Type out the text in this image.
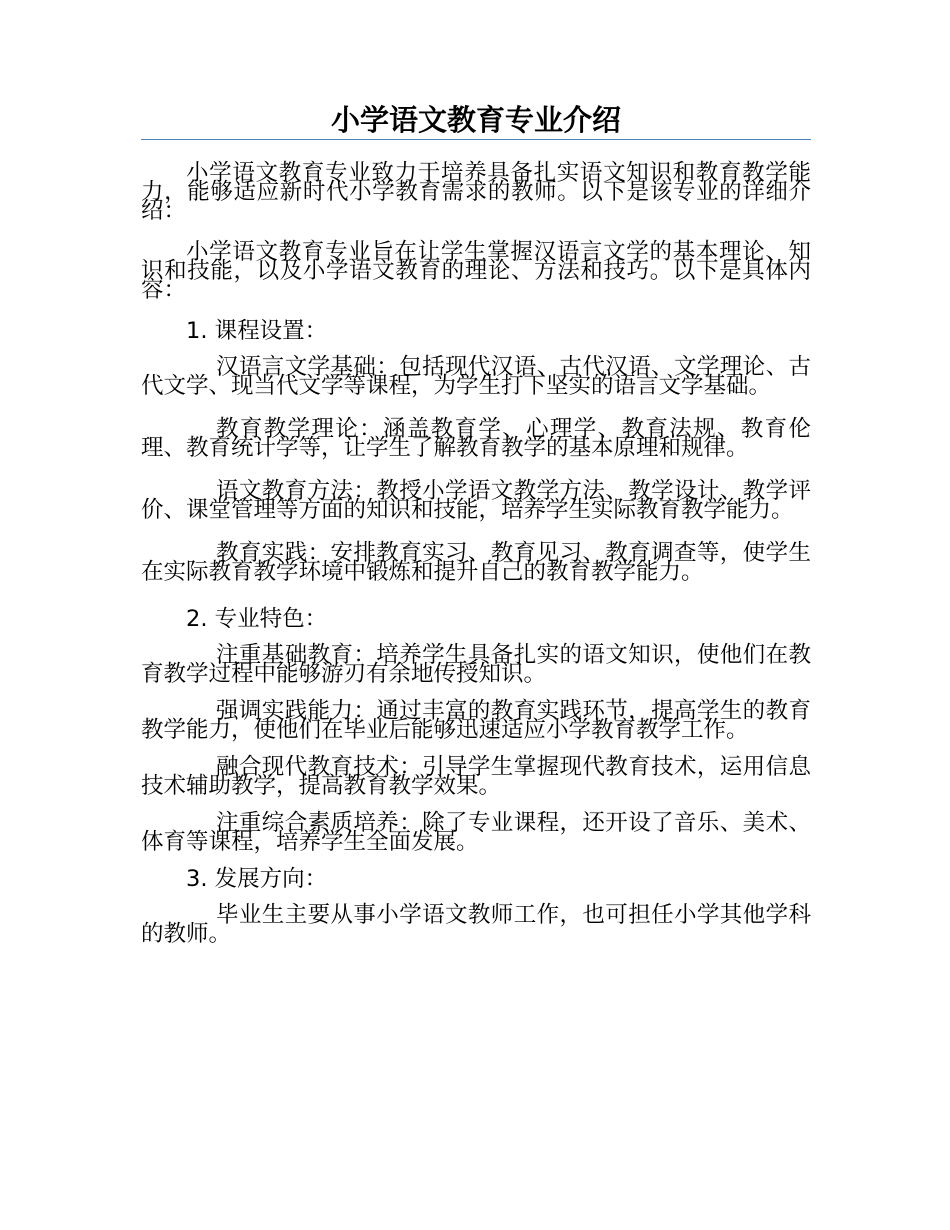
小学语文教育专业介绍

小学语文教育专业致力于培养具备扎实语文知识和教育教学能力，能够适应新时代小学教育需求的教师。以下是该专业的详细介绍：

小学语文教育专业旨在让学生掌握汉语言文学的基本理论、知识和技能，以及小学语文教育的理论、方法和技巧。以下是具体内容：

1. 课程设置：

汉语言文学基础：包括现代汉语、古代汉语、文学理论、古代文学、现当代文学等课程，为学生打下坚实的语言文学基础。

教育教学理论：涵盖教育学、心理学、教育法规、教育伦理、教育统计学等，让学生了解教育教学的基本原理和规律。

语文教育方法：教授小学语文教学方法、教学设计、教学评价、课堂管理等方面的知识和技能，培养学生实际教育教学能力。

教育实践：安排教育实习、教育见习、教育调查等，使学生在实际教育教学环境中锻炼和提升自己的教育教学能力。

2. 专业特色：

注重基础教育：培养学生具备扎实的语文知识，使他们在教育教学过程中能够游刃有余地传授知识。

强调实践能力：通过丰富的教育实践环节，提高学生的教育教学能力，使他们在毕业后能够迅速适应小学教育教学工作。

融合现代教育技术：引导学生掌握现代教育技术，运用信息技术辅助教学，提高教育教学效果。

注重综合素质培养：除了专业课程，还开设了音乐、美术、体育等课程，培养学生全面发展。

3. 发展方向：

毕业生主要从事小学语文教师工作，也可担任小学其他学科的教师。
